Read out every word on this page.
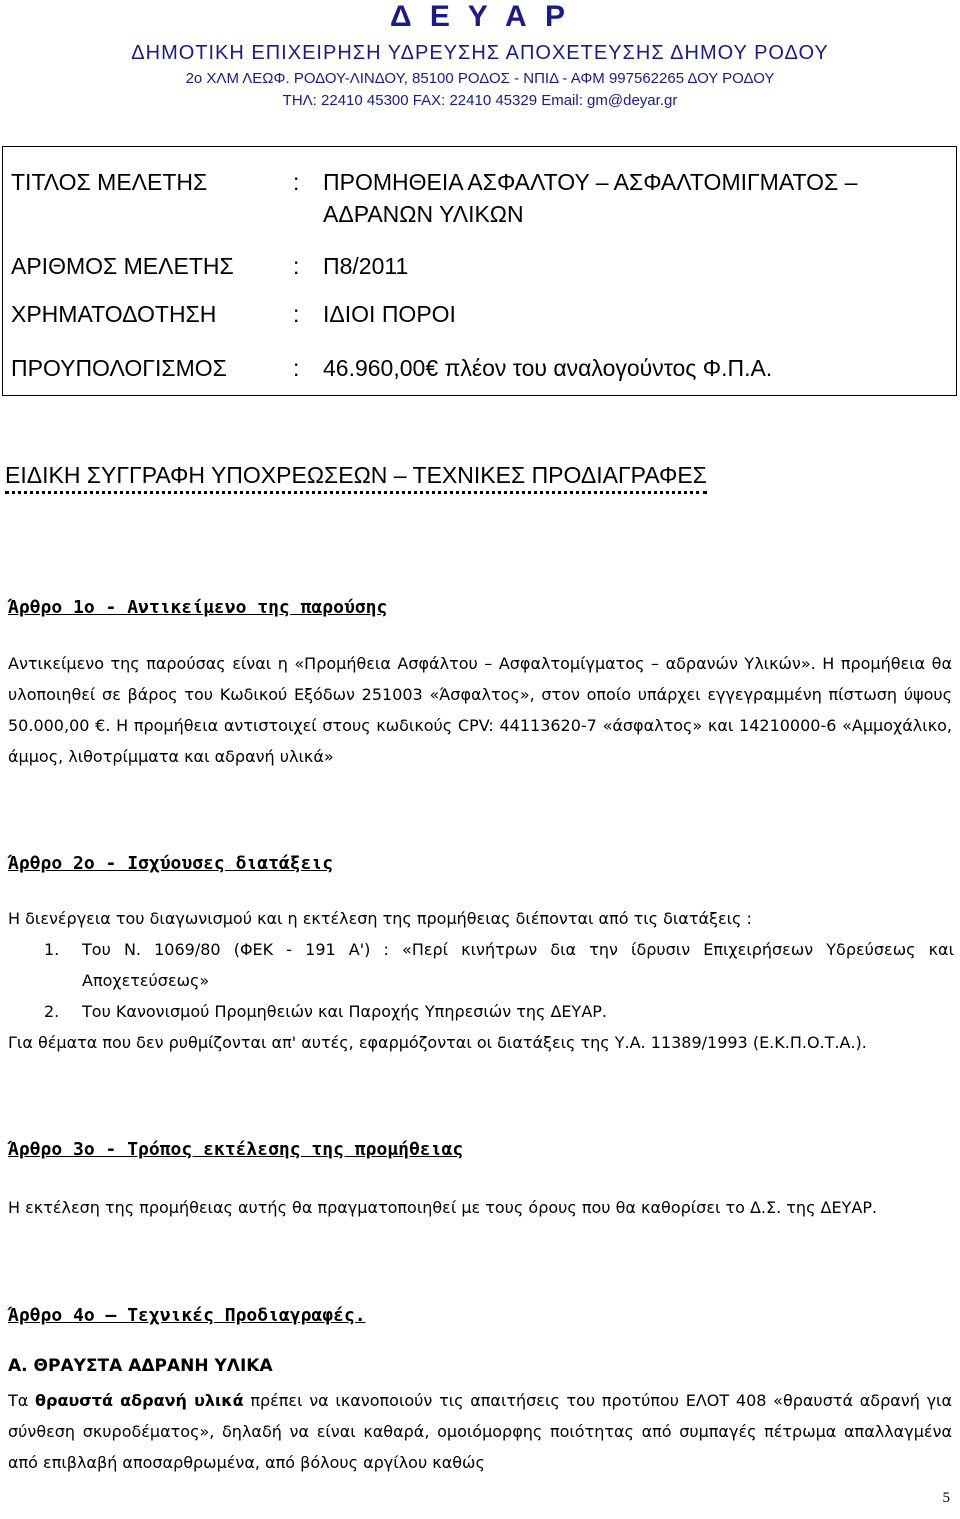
Δ Ε Υ Α Ρ
ΔΗΜΟΤΙΚΗ ΕΠΙΧΕΙΡΗΣΗ ΥΔΡΕΥΣΗΣ ΑΠΟΧΕΤΕΥΣΗΣ ΔΗΜΟΥ ΡΟΔΟΥ
2ο ΧΛΜ ΛΕΩΦ. ΡΟΔΟΥ-ΛΙΝΔΟΥ, 85100 ΡΟΔΟΣ - ΝΠΙΔ - ΑΦΜ 997562265 ΔΟΥ ΡΟΔΟΥ
ΤΗΛ: 22410 45300 FAX: 22410 45329 Email: gm@deyar.gr
ΤΙΤΛΟΣ ΜΕΛΕΤΗΣ	: ΠΡΟΜΗΘΕΙΑ ΑΣΦΑΛΤΟΥ – ΑΣΦΑΛΤΟΜΙΓΜΑΤΟΣ –
ΑΔΡΑΝΩΝ ΥΛΙΚΩΝ
ΑΡΙΘΜΟΣ ΜΕΛΕΤΗΣ	: Π8/2011
ΧΡΗΜΑΤΟΔΟΤΗΣΗ	: ΙΔΙΟΙ ΠΟΡΟΙ
ΠΡΟΥΠΟΛΟΓΙΣΜΟΣ	: 46.960,00€ πλέον του αναλογούντος Φ.Π.Α.
ΕΙΔΙΚΗ ΣΥΓΓΡΑΦΗ ΥΠΟΧΡΕΩΣΕΩΝ – ΤΕΧΝΙΚΕΣ ΠΡΟΔΙΑΓΡΑΦΕΣ
Άρθρο 1ο - Αντικείμενο της παρούσης
Αντικείμενο της παρούσας είναι η «Προμήθεια Ασφάλτου – Ασφαλτομίγματος – αδρανών Υλικών». Η προμήθεια θα υλοποιηθεί σε βάρος του Κωδικού Εξόδων 251003 «Άσφαλτος», στον οποίο υπάρχει εγγεγραμμένη πίστωση ύψους 50.000,00 €. Η προμήθεια αντιστοιχεί στους κωδικούς CPV: 44113620-7 «άσφαλτος» και 14210000-6 «Αμμοχάλικο, άμμος, λιθοτρίμματα και αδρανή υλικά»
Άρθρο 2ο - Ισχύουσες διατάξεις
Η διενέργεια του διαγωνισμού και η εκτέλεση της προμήθειας διέπονται από τις διατάξεις :
1. Του Ν. 1069/80 (ΦΕΚ - 191 Α') : «Περί κινήτρων δια την ίδρυσιν Επιχειρήσεων Υδρεύσεως και Αποχετεύσεως»
2. Του Κανονισμού Προμηθειών και Παροχής Υπηρεσιών της ΔΕΥΑΡ.
Για θέματα που δεν ρυθμίζονται απ' αυτές, εφαρμόζονται οι διατάξεις της Υ.Α. 11389/1993 (Ε.Κ.Π.Ο.Τ.Α.).
Άρθρο 3ο - Τρόπος εκτέλεσης της προμήθειας
Η εκτέλεση της προμήθειας αυτής θα πραγματοποιηθεί με τους όρους που θα καθορίσει το Δ.Σ. της ΔΕΥΑΡ.
Άρθρο 4ο – Τεχνικές Προδιαγραφές.
Α. ΘΡΑΥΣΤΑ ΑΔΡΑΝΗ ΥΛΙΚΑ
Τα θραυστά αδρανή υλικά πρέπει να ικανοποιούν τις απαιτήσεις του προτύπου ΕΛΟΤ 408 «θραυστά αδρανή για σύνθεση σκυροδέματος», δηλαδή να είναι καθαρά, ομοιόμορφης ποιότητας από συμπαγές πέτρωμα απαλλαγμένα από επιβλαβή αποσαρθρωμένα, από βόλους αργίλου καθώς
5
